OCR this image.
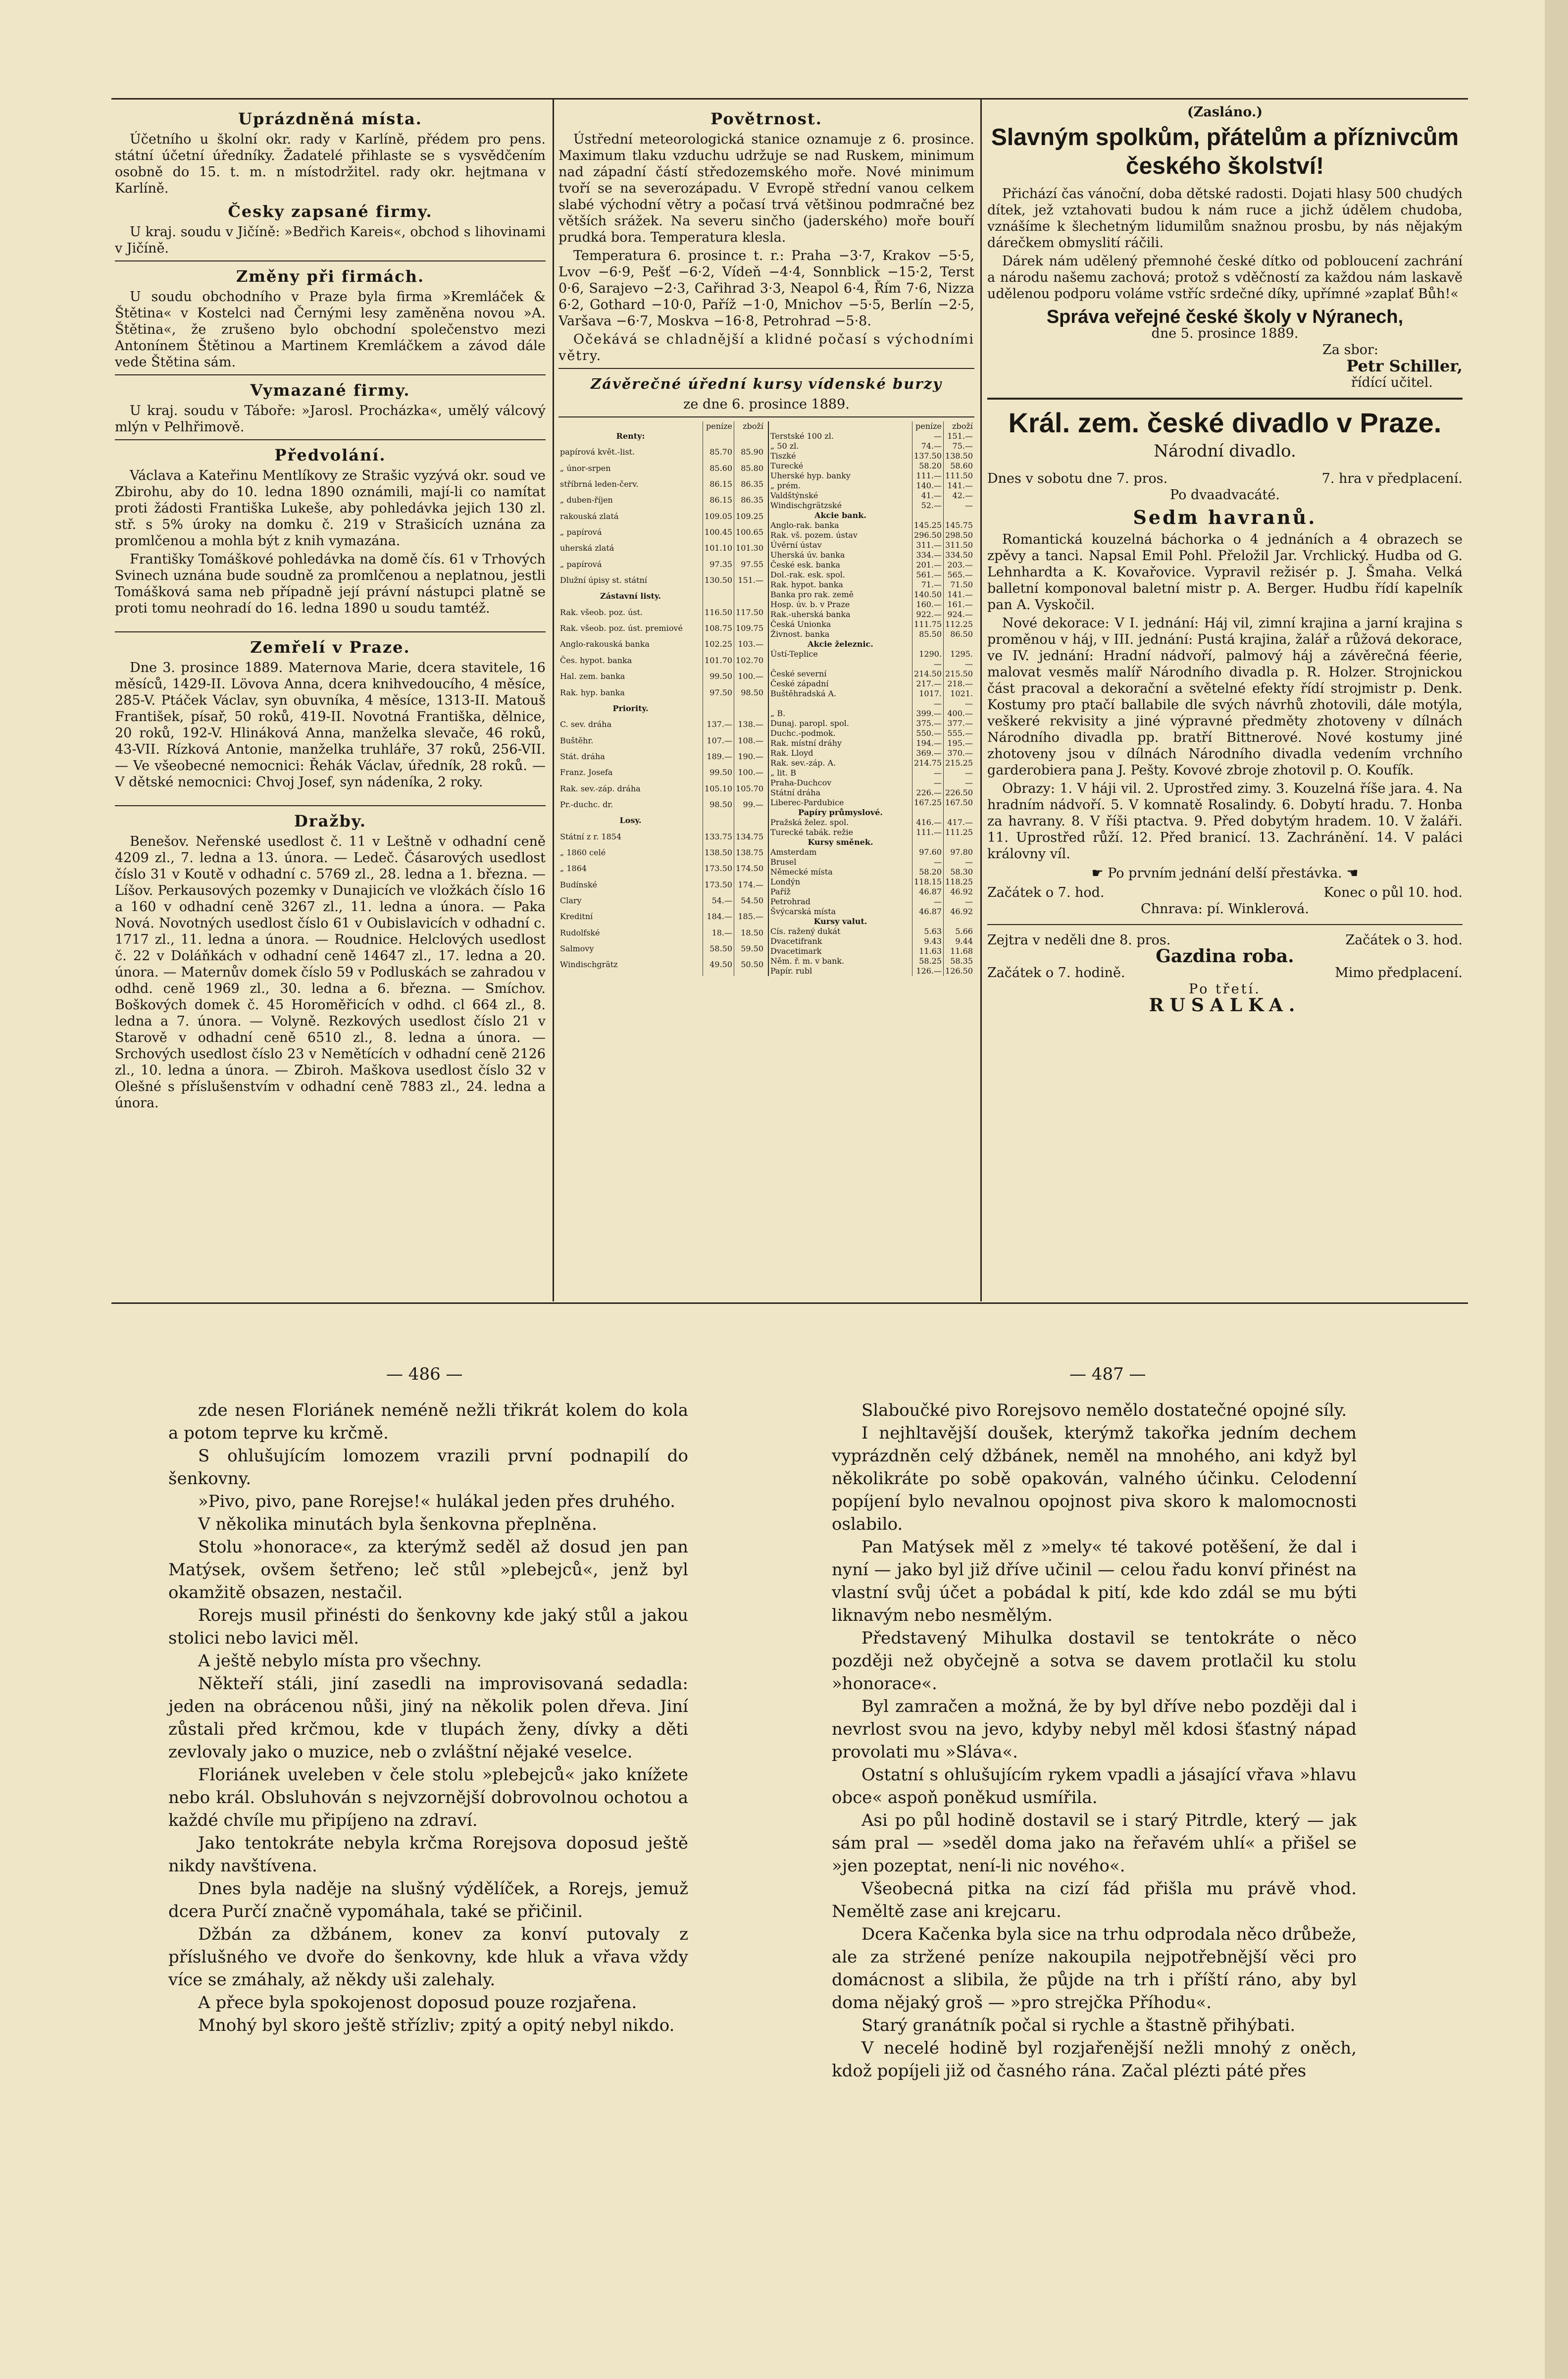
Uprázdněná místa.

Účetního u školní okr. rady v Karlíně, přédem pro pens. státní účetní úředníky. Žadatelé přihlaste se s vysvědčením osobně do 15. t. m. n místodržitel. rady okr. hejtmana v Karlíně.

Česky zapsané firmy.

U kraj. soudu v Jičíně: »Bedřich Kareis«, obchod s lihovinami v Jičíně.

Změny při firmách.

U soudu obchodního v Praze byla firma »Kremláček & Štětina« v Kostelci nad Černými lesy zaměněna novou »A. Štětina«, že zrušeno bylo obchodní společenstvo mezi Antonínem Štětinou a Martinem Kremláčkem a závod dále vede Štětina sám.

Vymazané firmy.

U kraj. soudu v Táboře: »Jarosl. Procházka«, umělý válcový mlýn v Pelhřimově.

Předvolání.

Václava a Kateřinu Mentlíkovy ze Strašic vyzývá okr. soud ve Zbirohu, aby do 10. ledna 1890 oznámili, mají-li co namítat proti žádosti Františka Lukeše, aby pohledávka jejich 130 zl. stř. s 5% úroky na domku č. 219 v Strašicích uznána za promlčenou a mohla být z knih vymazána.

Františky Tomáškové pohledávka na domě čís. 61 v Trhových Svinech uznána bude soudně za promlčenou a neplatnou, jestli Tomášková sama neb případně její právní nástupci platně se proti tomu neohradí do 16. ledna 1890 u soudu tamtéž.

Zemřelí v Praze.

Dne 3. prosince 1889. Maternova Marie, dcera stavitele, 16 měsíců, 1429-II. Lövova Anna, dcera knihvedoucího, 4 měsíce, 285-V. Ptáček Václav, syn obuvníka, 4 měsíce, 1313-II. Matouš František, písař, 50 roků, 419-II. Novotná Františka, dělnice, 20 roků, 192-V. Hlináková Anna, manželka slevače, 46 roků, 43-VII. Rízková Antonie, manželka truhláře, 37 roků, 256-VII. — Ve všeobecné nemocnici: Řehák Václav, úředník, 28 roků. — V dětské nemocnici: Chvoj Josef, syn nádeníka, 2 roky.

Dražby.

Benešov. Neřenské usedlost č. 11 v Leštně v odhadní ceně 4209 zl., 7. ledna a 13. února. — Ledeč. Čásarových usedlost číslo 31 v Koutě v odhadní c. 5769 zl., 28. ledna a 1. března. — Líšov. Perkausových pozemky v Dunajicích ve vložkách číslo 16 a 160 v odhadní ceně 3267 zl., 11. ledna a února. — Paka Nová. Novotných usedlost číslo 61 v Oubislavicích v odhadní c. 1717 zl., 11. ledna a února. — Roudnice. Helclových usedlost č. 22 v Doláňkách v odhadní ceně 14647 zl., 17. ledna a 20. února. — Maternův domek číslo 59 v Podluskách se zahradou v odhd. ceně 1969 zl., 30. ledna a 6. března. — Smíchov. Boškových domek č. 45 Horoměřicích v odhd. cl 664 zl., 8. ledna a 7. února. — Volyně. Rezkových usedlost číslo 21 v Starově v odhadní ceně 6510 zl., 8. ledna a února. — Srchových usedlost číslo 23 v Nemětících v odhadní ceně 2126 zl., 10. ledna a února. — Zbiroh. Maškova usedlost číslo 32 v Olešné s příslušenstvím v odhadní ceně 7883 zl., 24. ledna a února.

Povětrnost.

Ústřední meteorologická stanice oznamuje z 6. prosince. Maximum tlaku vzduchu udržuje se nad Ruskem, minimum nad západní částí středozemského moře. Nové minimum tvoří se na severozápadu. V Evropě střední vanou celkem slabé východní větry a počasí trvá většinou podmračné bez větších srážek. Na severu sinčho (jaderského) moře bouří prudká bora. Temperatura klesla.

Temperatura 6. prosince t. r.: Praha −3·7, Krakov −5·5, Lvov −6·9, Pešť −6·2, Vídeň −4·4, Sonnblick −15·2, Terst 0·6, Sarajevo −2·3, Cařihrad 3·3, Neapol 6·4, Řím 7·6, Nizza 6·2, Gothard −10·0, Paříž −1·0, Mnichov −5·5, Berlín −2·5, Varšava −6·7, Moskva −16·8, Petrohrad −5·8.

Očekává se chladnější a klidné počasí s východními větry.

Závěrečné úřední kursy vídenské burzy
ze dne 6. prosince 1889.
	peníze	zboží
Renty:		
papírová květ.-list.	85.70	85.90
„ únor-srpen	85.60	85.80
stříbrná leden-červ.	86.15	86.35
„ duben-říjen	86.15	86.35
rakouská zlatá	109.05	109.25
„ papírová	100.45	100.65
uherská zlatá	101.10	101.30
„ papírová	97.35	97.55
Dlužní úpisy st. státní	130.50	151.—
Zástavní listy.		
Rak. všeob. poz. úst.	116.50	117.50
Rak. všeob. poz. úst. premiové	108.75	109.75
Anglo-rakouská banka	102.25	103.—
Čes. hypot. banka	101.70	102.70
Hal. zem. banka	99.50	100.—
Rak. hyp. banka	97.50	98.50
Priority.		
C. sev. dráha	137.—	138.—
Buštěhr.	107.—	108.—
Stát. dráha	189.—	190.—
Franz. Josefa	99.50	100.—
Rak. sev.-záp. dráha	105.10	105.70
Pr.-duchc. dr.	98.50	99.—
Losy.		
Státní z r. 1854	133.75	134.75
„ 1860 celé	138.50	138.75
„ 1864	173.50	174.50
Budínské	173.50	174.—
Clary	54.—	54.50
Kreditní	184.—	185.—
Rudolfské	18.—	18.50
Salmovy	58.50	59.50
Windischgrätz	49.50	50.50
	peníze	zboží
Terstské 100 zl.	—	151.—
„ 50 zl.	74.—	75.—
Tiszké	137.50	138.50
Turecké	58.20	58.60
Uherské hyp. banky	111.—	111.50
„ prém.	140.—	141.—
Valdštýnské	41.—	42.—
Windischgrätzské	52.—	—
Akcie bank.		
Anglo-rak. banka	145.25	145.75
Rak. vš. pozem. ústav	296.50	298.50
Úvěrní ústav	311.—	311.50
Uherská úv. banka	334.—	334.50
České esk. banka	201.—	203.—
Dol.-rak. esk. spol.	561.—	565.—
Rak. hypot. banka	71.—	71.50
Banka pro rak. země	140.50	141.—
Hosp. úv. b. v Praze	160.—	161.—
Rak.-uherská banka	922.—	924.—
Česká Unionka	111.75	112.25
Živnost. banka	85.50	86.50
Akcie železnic.		
Ústí-Teplice	1290.—	1295.—
České severní	214.50	215.50
České západní	217.—	218.—
Buštěhradská A.	1017.—	1021.—
„ B.	399.—	400.—
Dunaj. paropl. spol.	375.—	377.—
Duchc.-podmok.	550.—	555.—
Rak. místní dráhy	194.—	195.—
Rak. Lloyd	369.—	370.—
Rak. sev.-záp. A.	214.75	215.25
„ lit. B	—	—
Praha-Duchcov	—	—
Státní dráha	226.—	226.50
Liberec-Pardubice	167.25	167.50
Papíry průmyslové.		
Pražská želez. spol.	416.—	417.—
Turecké tabák. režie	111.—	111.25
Kursy směnek.		
Amsterdam	97.60	97.80
Brusel	—	—
Německé místa	58.20	58.30
Londýn	118.15	118.25
Paříž	46.87	46.92
Petrohrad	—	—
Švýcarská místa	46.87	46.92
Kursy valut.		
Cís. ražený dukát	5.63	5.66
Dvacetifrank	9.43	9.44
Dvacetimark	11.63	11.68
Něm. ř. m. v bank.	58.25	58.35
Papír. rubl	126.—	126.50
(Zasláno.)
Slavným spolkům, přátelům a příznivcům českého školství!

Přichází čas vánoční, doba dětské radosti. Dojati hlasy 500 chudých dítek, jež vztahovati budou k nám ruce a jichž údělem chudoba, vznášíme k šlechetným lidumilům snažnou prosbu, by nás nějakým dárečkem obmyslití ráčili.

Dárek nám udělený přemnohé české dítko od pobloucení zachrání a národu našemu zachová; protož s vděčností za každou nám laskavě udělenou podporu voláme vstříc srdečné díky, upřímné »zaplať Bůh!«

Správa veřejné české školy v Nýranech,
dne 5. prosince 1889.
Za sbor:
Petr Schiller,
řídící učitel.
Král. zem. české divadlo v Praze.
Národní divadlo.
Dnes v sobotu dne 7. pros.	7. hra v předplacení.
Po dvaadvacáté.
Sedm havranů.

Romantická kouzelná báchorka o 4 jednáních a 4 obrazech se zpěvy a tanci. Napsal Emil Pohl. Přeložil Jar. Vrchlický. Hudba od G. Lehnhardta a K. Kovařovice. Vypravil režisér p. J. Šmaha. Velká balletní komponoval baletní mistr p. A. Berger. Hudbu řídí kapelník pan A. Vyskočil.

Nové dekorace: V I. jednání: Háj vil, zimní krajina a jarní krajina s proměnou v háj, v III. jednání: Pustá krajina, žalář a růžová dekorace, ve IV. jednání: Hradní nádvoří, palmový háj a závěrečná féerie, malovat vesměs malíř Národního divadla p. R. Holzer. Strojnickou část pracoval a dekorační a světelné efekty řídí strojmistr p. Denk. Kostumy pro ptačí ballabile dle svých návrhů zhotovili, dále motýla, veškeré rekvisity a jiné výpravné předměty zhotoveny v dílnách Národního divadla pp. bratří Bittnerové. Nové kostumy jiné zhotoveny jsou v dílnách Národního divadla vedením vrchního garderobiera pana J. Pešty. Kovové zbroje zhotovil p. O. Koufík.

Obrazy: 1. V háji vil. 2. Uprostřed zimy. 3. Kouzelná říše jara. 4. Na hradním nádvoří. 5. V komnatě Rosalindy. 6. Dobytí hradu. 7. Honba za havrany. 8. V říši ptactva. 9. Před dobytým hradem. 10. V žaláři. 11. Uprostřed růží. 12. Před branicí. 13. Zachránění. 14. V paláci královny víl.

☛ Po prvním jednání delší přestávka. ☚
Začátek o 7. hod.	Konec o půl 10. hod.
Chnrava: pí. Winklerová.
Zejtra v neděli dne 8. pros.	Začátek o 3. hod.
Gazdina roba.
Začátek o 7. hodině.	Mimo předplacení.
Po třetí.
RUSALKA.
— 486 —	— 487 —

zde nesen Floriánek neméně nežli třikrát kolem do kola a potom teprve ku krčmě.

S ohlušujícím lomozem vrazili první podnapilí do šenkovny.

»Pivo, pivo, pane Rorejse!« hulákal jeden přes druhého.

V několika minutách byla šenkovna přeplněna.

Stolu »honorace«, za kterýmž seděl až dosud jen pan Matýsek, ovšem šetřeno; leč stůl »plebejců«, jenž byl okamžitě obsazen, nestačil.

Rorejs musil přinésti do šenkovny kde jaký stůl a jakou stolici nebo lavici měl.

A ještě nebylo místa pro všechny.

Někteří stáli, jiní zasedli na improvisovaná sedadla: jeden na obrácenou nůši, jiný na několik polen dřeva. Jiní zůstali před krčmou, kde v tlupách ženy, dívky a děti zevlovaly jako o muzice, neb o zvláštní nějaké veselce.

Floriánek uveleben v čele stolu »plebejců« jako knížete nebo král. Obsluhován s nejvzornější dobrovolnou ochotou a každé chvíle mu připíjeno na zdraví.

Jako tentokráte nebyla krčma Rorejsova doposud ještě nikdy navštívena.

Dnes byla naděje na slušný výdělíček, a Rorejs, jemuž dcera Purčí značně vypomáhala, také se přičinil.

Džbán za džbánem, konev za konví putovaly z příslušného ve dvoře do šenkovny, kde hluk a vřava vždy více se zmáhaly, až někdy uši zalehaly.

A přece byla spokojenost doposud pouze rozjařena.

Mnohý byl skoro ještě střízliv; zpitý a opitý nebyl nikdo.

Slaboučké pivo Rorejsovo nemělo dostatečné opojné síly.

I nejhltavější doušek, kterýmž takořka jedním dechem vyprázdněn celý džbánek, neměl na mnohého, ani když byl několikráte po sobě opakován, valného účinku. Celodenní popíjení bylo nevalnou opojnost piva skoro k malomocnosti oslabilo.

Pan Matýsek měl z »mely« té takové potěšení, že dal i nyní — jako byl již dříve učinil — celou řadu konví přinést na vlastní svůj účet a pobádal k pití, kde kdo zdál se mu býti liknavým nebo nesmělým.

Představený Mihulka dostavil se tentokráte o něco později než obyčejně a sotva se davem protlačil ku stolu »honorace«.

Byl zamračen a možná, že by byl dříve nebo později dal i nevrlost svou na jevo, kdyby nebyl měl kdosi šťastný nápad provolati mu »Sláva«.

Ostatní s ohlušujícím rykem vpadli a jásající vřava »hlavu obce« aspoň poněkud usmířila.

Asi po půl hodině dostavil se i starý Pitrdle, který — jak sám pral — »seděl doma jako na řeřavém uhlí« a přišel se »jen pozeptat, není-li nic nového«.

Všeobecná pitka na cizí fád přišla mu právě vhod. Neměltě zase ani krejcaru.

Dcera Kačenka byla sice na trhu odprodala něco drůbeže, ale za stržené peníze nakoupila nejpotřebnější věci pro domácnost a slibila, že půjde na trh i příští ráno, aby byl doma nějaký groš — »pro strejčka Příhodu«.

Starý granátník počal si rychle a štastně přihýbati.

V necelé hodině byl rozjařenější nežli mnohý z oněch, kdož popíjeli již od časného rána. Začal plézti páté přes
